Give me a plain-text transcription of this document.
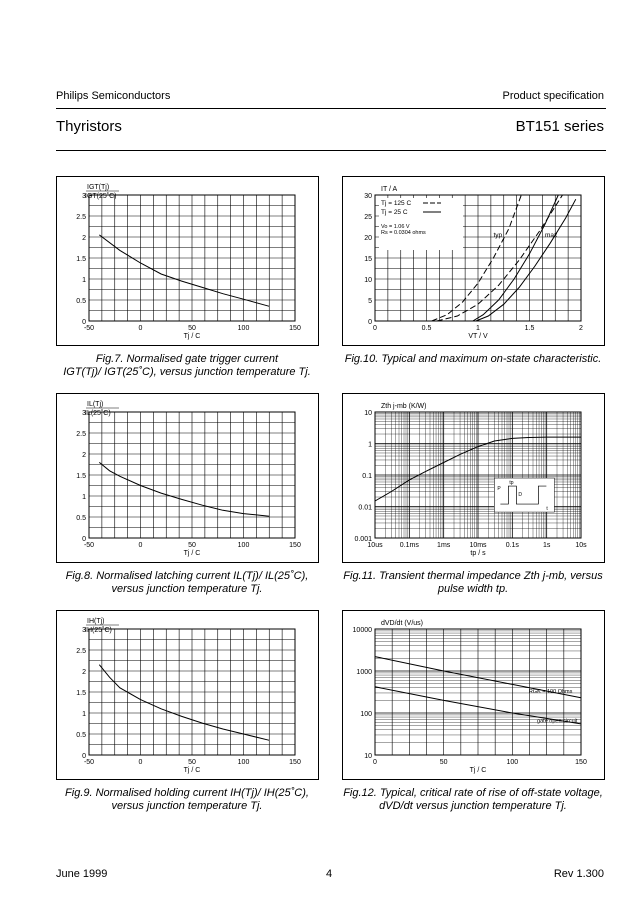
Philips Semiconductors	Product specification
Thyristors	BT151 series
-50	0	50	100	150
0
0.5
1
1.5
2
2.5
3
Tj / C
IGT(Tj)
IGT(25˚C)
Fig.7. Normalised gate trigger current
IGT(Tj)/ IGT(25˚C), versus junction temperature Tj.
-50	0	50	100	150
0
0.5
1
1.5
2
2.5
3
Tj / C
IL(Tj)
IL(25˚C)
Fig.8. Normalised latching current IL(Tj)/ IL(25˚C),
versus junction temperature Tj.
-50	0	50	100	150
0
0.5
1
1.5
2
2.5
3
Tj / C
IH(Tj)
IH(25˚C)
Fig.9. Normalised holding current IH(Tj)/ IH(25˚C),
versus junction temperature Tj.
0	0.5	1	1.5	2
0
5
10
15
20
25
30
VT / V
IT / A
Tj = 125 C
Tj = 25 C
Vo = 1.06 V
Rs = 0.0304 ohms	typ	max
Fig.10. Typical and maximum on-state characteristic.
10us 0.1ms	1ms	10ms	0.1s	1s	10s
0.001
0.01
0.1
1
10
tp / s
Zth j-mb (K/W)
P
D
tp
t
Fig.11. Transient thermal impedance Zth j-mb, versus
pulse width tp.
0	50	100	150
10
100
1000
10000
Tj / C
dVD/dt (V/us)
RGK = 100 Ohms
gate open circuit
Fig.12. Typical, critical rate of rise of off-state voltage,
dVD/dt versus junction temperature Tj.
June 1999	4	Rev 1.300
